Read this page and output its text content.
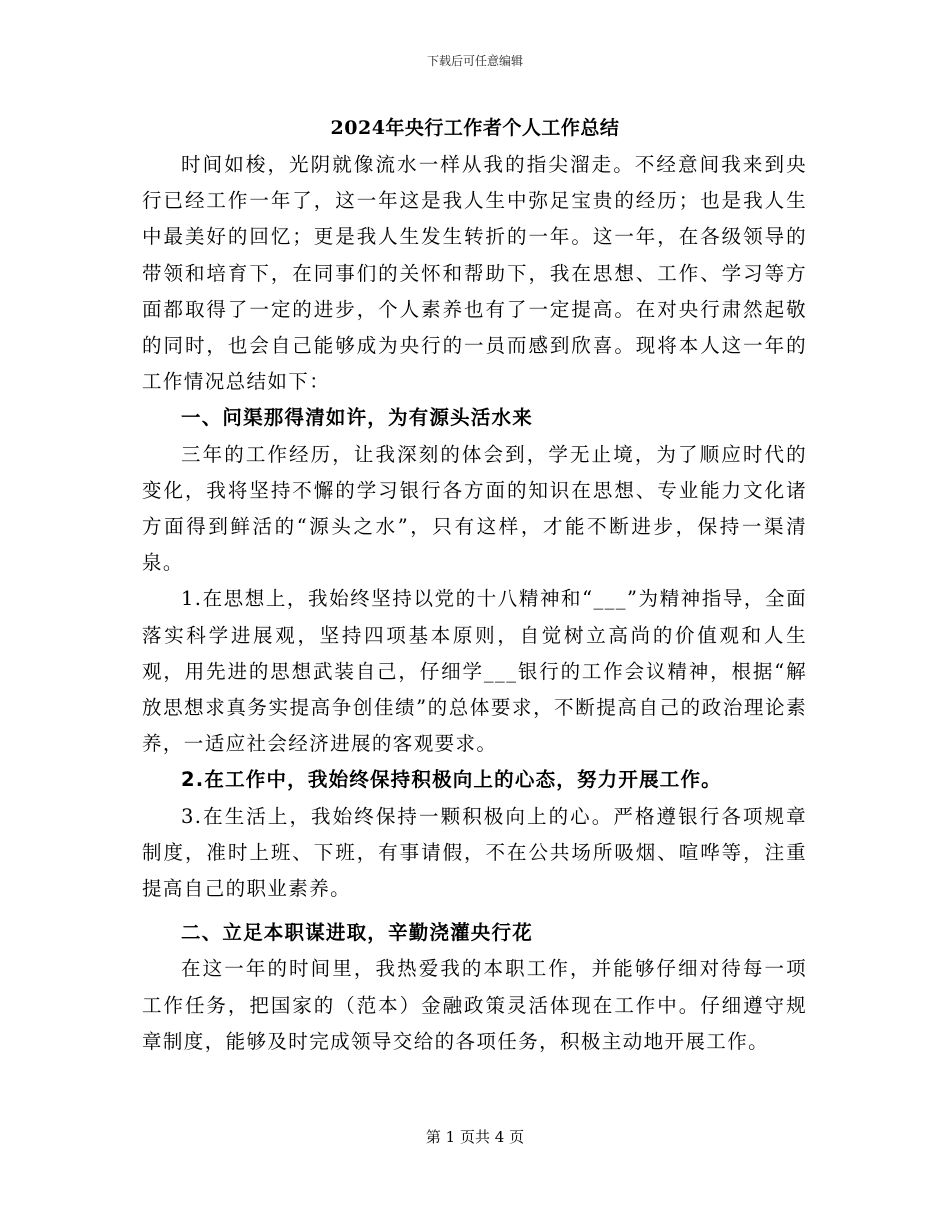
下载后可任意编辑
2024年央行工作者个人工作总结

时间如梭，光阴就像流水一样从我的指尖溜走。不经意间我来到央行已经工作一年了，这一年这是我人生中弥足宝贵的经历；也是我人生中最美好的回忆；更是我人生发生转折的一年。这一年，在各级领导的带领和培育下，在同事们的关怀和帮助下，我在思想、工作、学习等方面都取得了一定的进步，个人素养也有了一定提高。在对央行肃然起敬的同时，也会自己能够成为央行的一员而感到欣喜。现将本人这一年的工作情况总结如下：

一、问渠那得清如许，为有源头活水来

三年的工作经历，让我深刻的体会到，学无止境，为了顺应时代的变化，我将坚持不懈的学习银行各方面的知识在思想、专业能力文化诸方面得到鲜活的“源头之水”，只有这样，才能不断进步，保持一渠清泉。

1.在思想上，我始终坚持以党的十八精神和“___”为精神指导，全面落实科学进展观，坚持四项基本原则，自觉树立高尚的价值观和人生观，用先进的思想武装自己，仔细学___银行的工作会议精神，根据“解放思想求真务实提高争创佳绩”的总体要求，不断提高自己的政治理论素养，一适应社会经济进展的客观要求。

2.在工作中，我始终保持积极向上的心态，努力开展工作。

3.在生活上，我始终保持一颗积极向上的心。严格遵银行各项规章制度，准时上班、下班，有事请假，不在公共场所吸烟、喧哗等，注重提高自己的职业素养。

二、立足本职谋进取，辛勤浇灌央行花

在这一年的时间里，我热爱我的本职工作，并能够仔细对待每一项工作任务，把国家的（范本）金融政策灵活体现在工作中。仔细遵守规章制度，能够及时完成领导交给的各项任务，积极主动地开展工作。

第 1 页共 4 页
